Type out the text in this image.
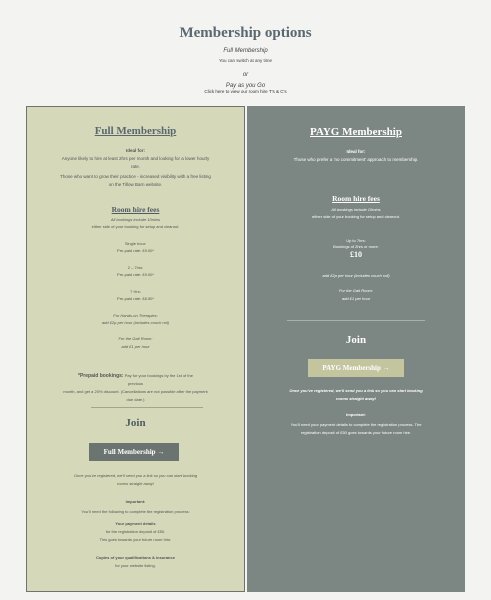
Membership options
Full Membership
You can switch at any time
or
Pay as you Go
Click here to view our room hire T's & C's
Full Membership
Ideal for:
Anyone likely to hire at least 2hrs per month and looking for a lower hourly
rate.
Those who want to grow their practice - increased visibility with a free listing
on the Tillow Barn website.
Room hire fees
All bookings include 10mins
either side of your booking for setup and clearout.
Single hour:
Pre-paid rate: £9.00*
2 – 7hrs:
Pre-paid rate: £9.00*
7 Hrs:
Pre-paid rate: £8.50*
For Hands-on Therapies:
add £2p per hour (includes couch roll)
For the Gait Room:
add £1 per hour
*Prepaid bookings: Pay for your bookings by the 1st of the
previous
month, and get a 20% discount. (Cancellations are not possible after the payment
due date.)
Join
Full Membership →
Once you've registered, we'll send you a link so you can start booking
rooms straight away!
Important:
You'll need the following to complete the registration process:
Your payment details
for the registration deposit of £50.
This goes towards your future room hire.
Copies of your qualifications & insurance
for your website listing.
PAYG Membership
Ideal for:
Those who prefer a 'no commitment' approach to membership.
Room hire fees
All bookings include 10mins
either side of your booking for setup and clearout.
Up to 7hrs:
Bookings of 2hrs or more:
£10
add £2p per hour (includes couch roll)
For the Gait Room:
add £1 per hour
Join
PAYG Membership →
Once you've registered, we'll send you a link so you can start booking
rooms straight away!
Important:
You'll need your payment details to complete the registration process. The
registration deposit of £50 goes towards your future room hire.
